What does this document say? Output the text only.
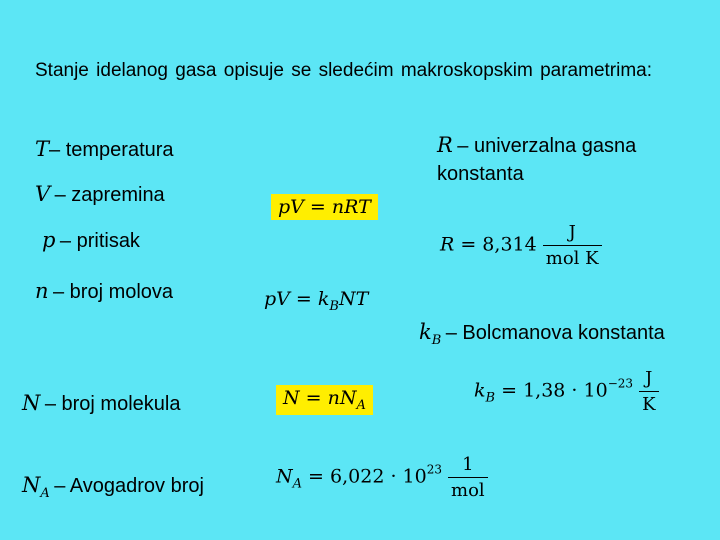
Stanje idelanog gasa opisuje se sledećim makroskopskim parametrima:
T– temperatura
V – zapremina
p – pritisak
n – broj molova
N – broj molekula
$N_A$ – Avogadrov broj
R – univerzalna gasna
konstanta
$k_B$ – Bolcmanova konstanta
pV = nRT
pV = $k_BNT$
$N = nN_A$
$R = 8,314 \frac{J}{\text{mol K}}$
$k_B = 1,38 \cdot 10^{-23} \frac{J}{K}$
$N_A = 6,022 \cdot 10^{23} \frac{1}{\text{mol}}$
